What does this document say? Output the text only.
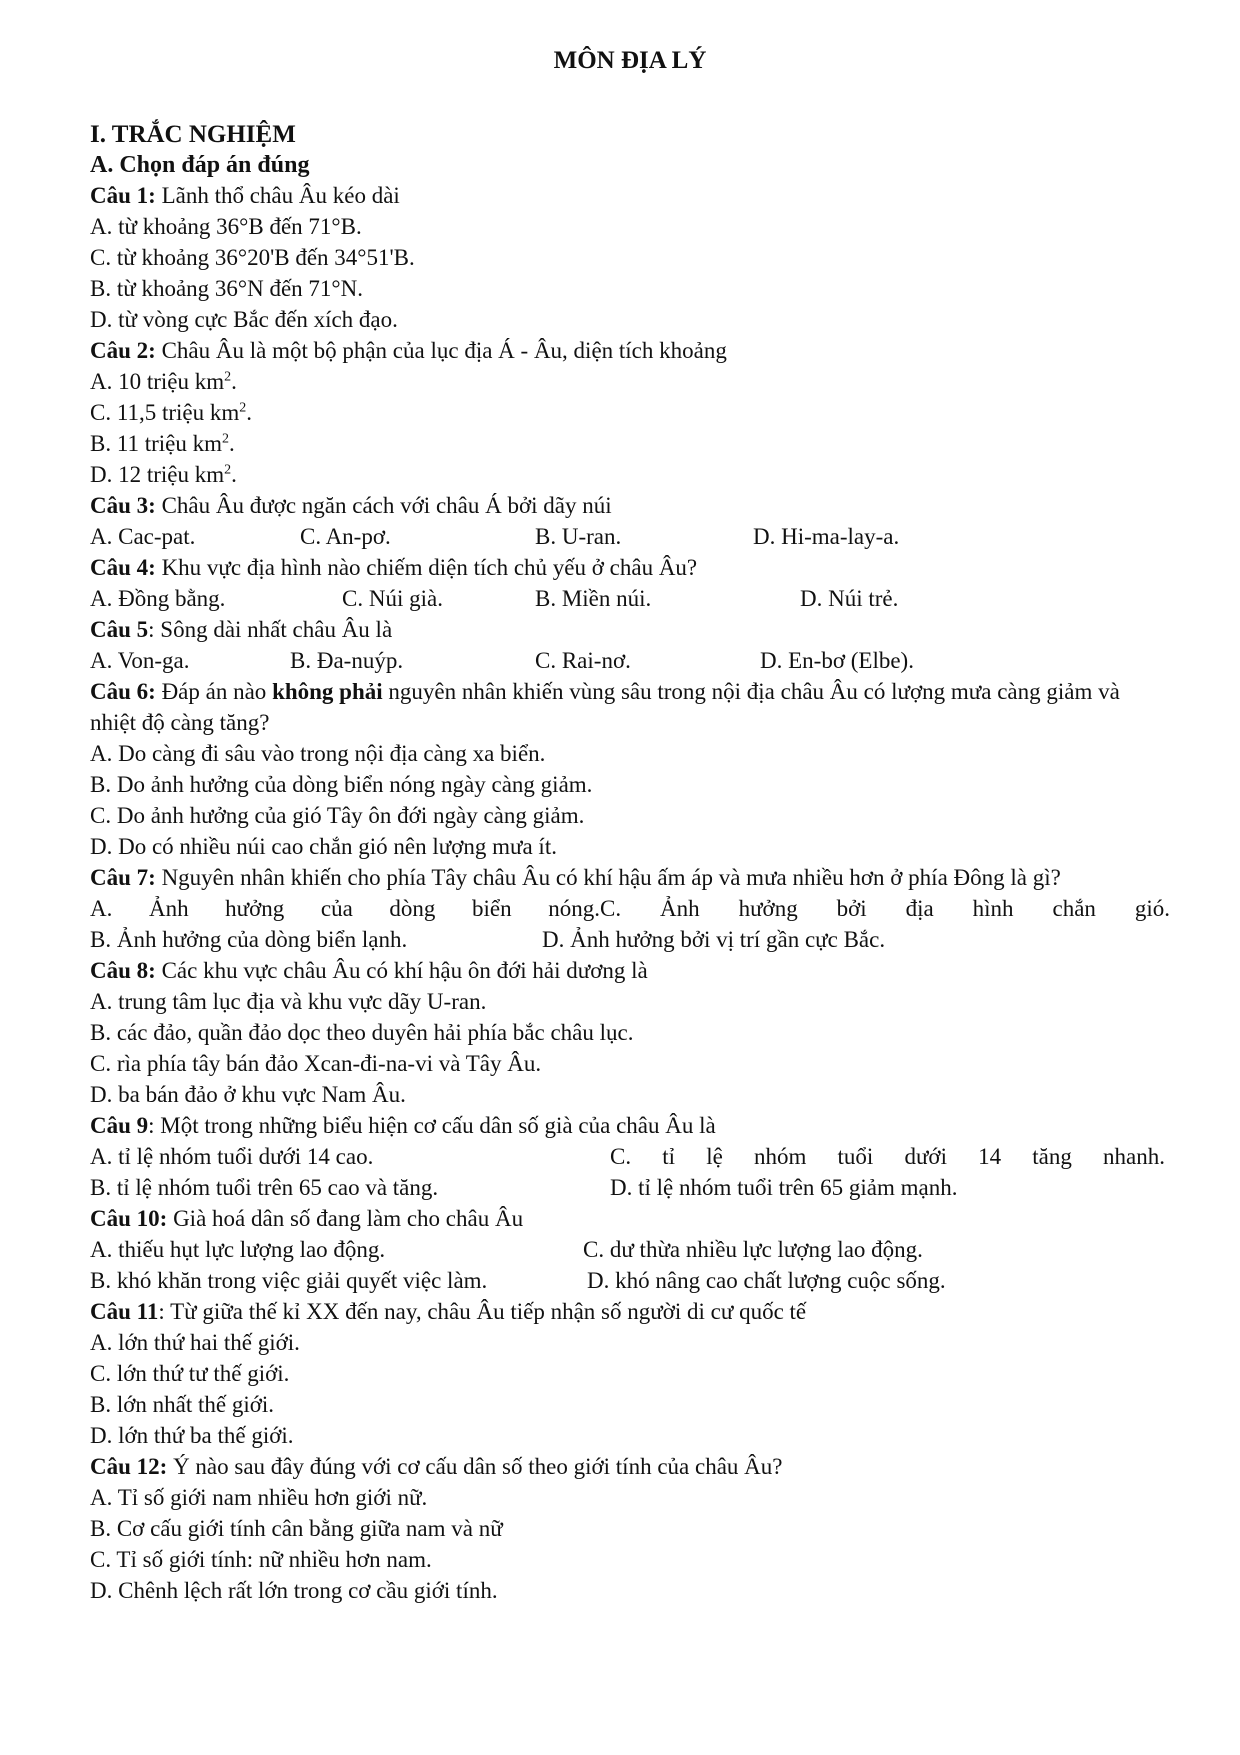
MÔN ĐỊA LÝ
I. TRẮC NGHIỆM
A. Chọn đáp án đúng
Câu 1: Lãnh thổ châu Âu kéo dài
A. từ khoảng 36°B đến 71°B.
C. từ khoảng 36°20'B đến 34°51'B.
B. từ khoảng 36°N đến 71°N.
D. từ vòng cực Bắc đến xích đạo.
Câu 2: Châu Âu là một bộ phận của lục địa Á - Âu, diện tích khoảng
A. 10 triệu $km^2$.
C. 11,5 triệu $km^2$.
B. 11 triệu $km^2$.
D. 12 triệu $km^2$.
Câu 3: Châu Âu được ngăn cách với châu Á bởi dãy núi
A. Cac-pat.	C. An-pơ.	B. U-ran.	D. Hi-ma-lay-a.
Câu 4: Khu vực địa hình nào chiếm diện tích chủ yếu ở châu Âu?
A. Đồng bằng.	C. Núi già.	B. Miền núi.	D. Núi trẻ.
Câu 5: Sông dài nhất châu Âu là
A. Von-ga.	B. Đa-nuýp.	C. Rai-nơ.	D. En-bơ (Elbe).
Câu 6: Đáp án nào không phải nguyên nhân khiến vùng sâu trong nội địa châu Âu có lượng mưa càng giảm và nhiệt độ càng tăng?
A. Do càng đi sâu vào trong nội địa càng xa biển.
B. Do ảnh hưởng của dòng biển nóng ngày càng giảm.
C. Do ảnh hưởng của gió Tây ôn đới ngày càng giảm.
D. Do có nhiều núi cao chắn gió nên lượng mưa ít.
Câu 7: Nguyên nhân khiến cho phía Tây châu Âu có khí hậu ấm áp và mưa nhiều hơn ở phía Đông là gì?
A. Ảnh hưởng của dòng biển nóng. C. Ảnh hưởng bởi địa hình chắn gió.
B. Ảnh hưởng của dòng biển lạnh.	D. Ảnh hưởng bởi vị trí gần cực Bắc.
Câu 8: Các khu vực châu Âu có khí hậu ôn đới hải dương là
A. trung tâm lục địa và khu vực dãy U-ran.
B. các đảo, quần đảo dọc theo duyên hải phía bắc châu lục.
C. rìa phía tây bán đảo Xcan-đi-na-vi và Tây Âu.
D. ba bán đảo ở khu vực Nam Âu.
Câu 9: Một trong những biểu hiện cơ cấu dân số già của châu Âu là
A. tỉ lệ nhóm tuổi dưới 14 cao.	C. tỉ lệ nhóm tuổi dưới 14 tăng nhanh.
B. tỉ lệ nhóm tuổi trên 65 cao và tăng.	D. tỉ lệ nhóm tuổi trên 65 giảm mạnh.
Câu 10: Già hoá dân số đang làm cho châu Âu
A. thiếu hụt lực lượng lao động.	C. dư thừa nhiều lực lượng lao động.
B. khó khăn trong việc giải quyết việc làm.	D. khó nâng cao chất lượng cuộc sống.
Câu 11: Từ giữa thế kỉ XX đến nay, châu Âu tiếp nhận số người di cư quốc tế
A. lớn thứ hai thế giới.
C. lớn thứ tư thế giới.
B. lớn nhất thế giới.
D. lớn thứ ba thế giới.
Câu 12: Ý nào sau đây đúng với cơ cấu dân số theo giới tính của châu Âu?
A. Tỉ số giới nam nhiều hơn giới nữ.
B. Cơ cấu giới tính cân bằng giữa nam và nữ
C. Tỉ số giới tính: nữ nhiều hơn nam.
D. Chênh lệch rất lớn trong cơ cầu giới tính.
